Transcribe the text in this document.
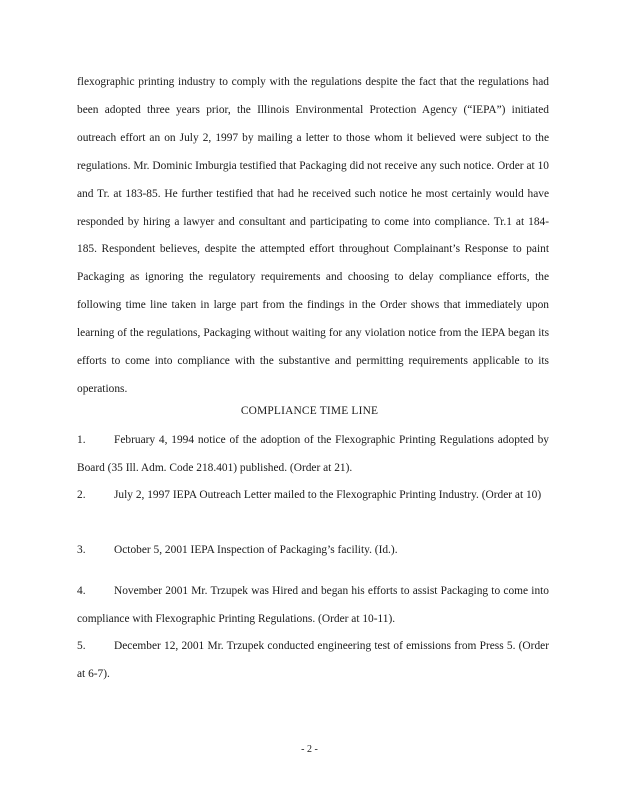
flexographic printing industry to comply with the regulations despite the fact that the regulations had been adopted three years prior, the Illinois Environmental Protection Agency (“IEPA”) initiated outreach effort an on July 2, 1997 by mailing a letter to those whom it believed were subject to the regulations. Mr. Dominic Imburgia testified that Packaging did not receive any such notice. Order at 10 and Tr. at 183-85. He further testified that had he received such notice he most certainly would have responded by hiring a lawyer and consultant and participating to come into compliance. Tr.1 at 184-185. Respondent believes, despite the attempted effort throughout Complainant’s Response to paint Packaging as ignoring the regulatory requirements and choosing to delay compliance efforts, the following time line taken in large part from the findings in the Order shows that immediately upon learning of the regulations, Packaging without waiting for any violation notice from the IEPA began its efforts to come into compliance with the substantive and permitting requirements applicable to its operations.

COMPLIANCE TIME LINE

1. February 4, 1994 notice of the adoption of the Flexographic Printing Regulations adopted by Board (35 Ill. Adm. Code 218.401) published. (Order at 21).

2. July 2, 1997 IEPA Outreach Letter mailed to the Flexographic Printing Industry. (Order at 10)

3. October 5, 2001 IEPA Inspection of Packaging’s facility. (Id.).

4. November 2001 Mr. Trzupek was Hired and began his efforts to assist Packaging to come into compliance with Flexographic Printing Regulations. (Order at 10-11).

5. December 12, 2001 Mr. Trzupek conducted engineering test of emissions from Press 5. (Order at 6-7).

- 2 -
